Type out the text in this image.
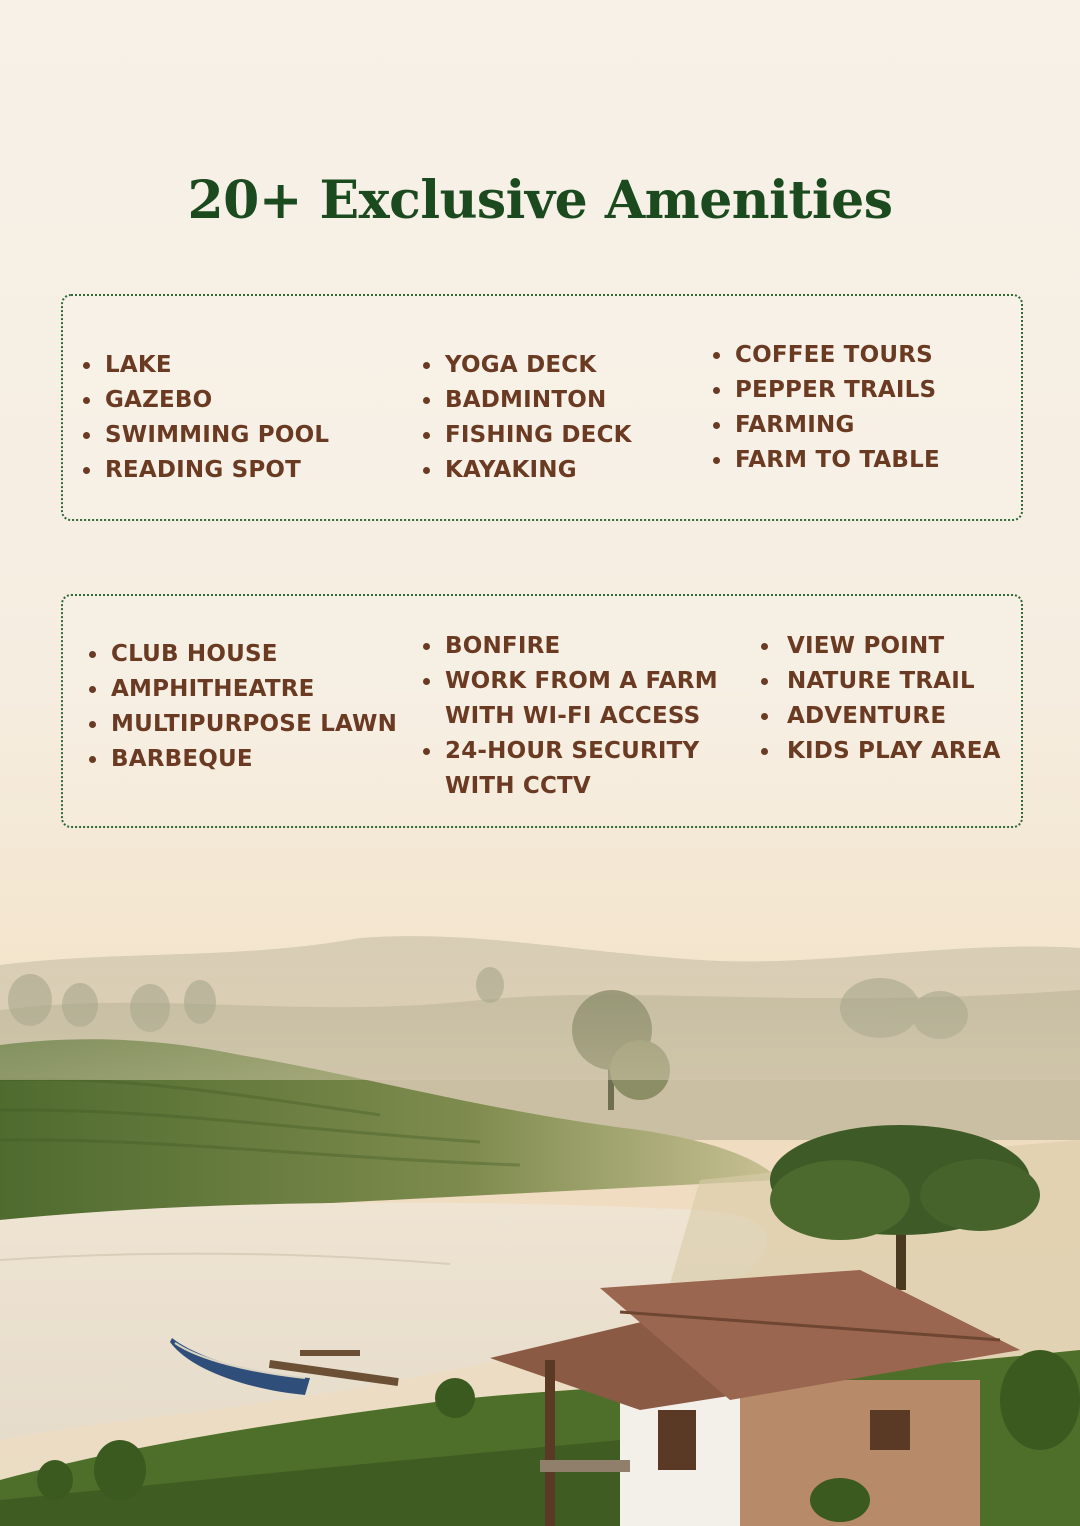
20+ Exclusive Amenities
LAKE
GAZEBO
SWIMMING POOL
READING SPOT
YOGA DECK
BADMINTON
FISHING DECK
KAYAKING
COFFEE TOURS
PEPPER TRAILS
FARMING
FARM TO TABLE
CLUB HOUSE
AMPHITHEATRE
MULTIPURPOSE LAWN
BARBEQUE
BONFIRE
WORK FROM A FARM
WITH WI-FI ACCESS
24-HOUR SECURITY
WITH CCTV
VIEW POINT
NATURE TRAIL
ADVENTURE
KIDS PLAY AREA
